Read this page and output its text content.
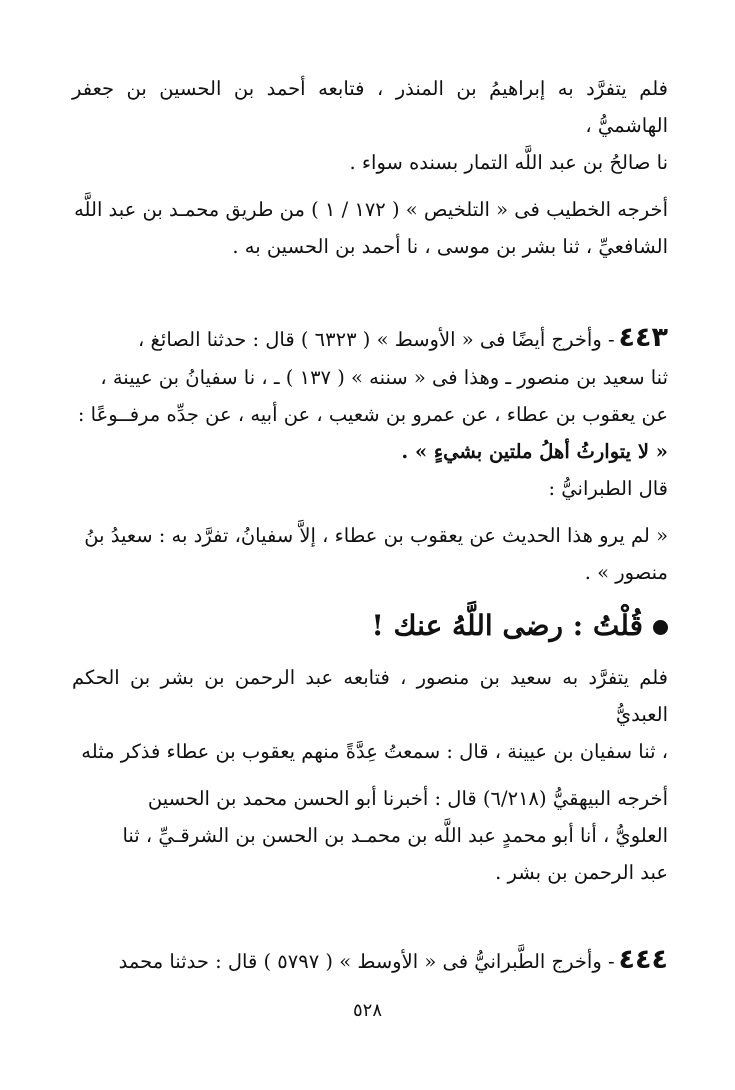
فلم يتفرَّد به إبراهيمُ بن المنذر ، فتابعه أحمد بن الحسين بن جعفر الهاشميُّ ،

نا صالحُ بن عبد اللَّه التمار بسنده سواء .

أخرجه الخطيب فى « التلخيص » ( ١٧٢ / ١ ) من طريق محمـد بن عبد اللَّه

الشافعيِّ ، ثنا بشر بن موسى ، نا أحمد بن الحسين به .

٤٤٣- وأخرج أيضًا فى « الأوسط » ( ٦٣٢٣ ) قال : حدثنا الصائغ ،

ثنا سعيد بن منصور ـ وهذا فى « سننه » ( ١٣٧ ) ـ ، نا سفيانُ بن عيينة ،

عن يعقوب بن عطاء ، عن عمرو بن شعيب ، عن أبيه ، عن جدِّه مرفــوعًا :

« لا يتوارثُ أهلُ ملتين بشيءٍ » .

قال الطبرانيُّ :

« لم يرو هذا الحديث عن يعقوب بن عطاء ، إلاَّ سفيانُ، تفرَّد به : سعيدُ بنُ

منصور » .

قُلْتُ : رضى اللَّهُ عنك !

فلم يتفرَّد به سعيد بن منصور ، فتابعه عبد الرحمن بن بشر بن الحكم العبديُّ

، ثنا سفيان بن عيينة ، قال : سمعتُ عِدَّةً منهم يعقوب بن عطاء فذكر مثله

أخرجه البيهقيُّ (٦/٢١٨) قال : أخبرنا أبو الحسن محمد بن الحسين

العلويُّ ، أنا أبو محمدٍ عبد اللَّه بن محمـد بن الحسن بن الشرقـيِّ ، ثنا

عبد الرحمن بن بشر .

٤٤٤- وأخرج الطَّبرانيُّ فى « الأوسط » ( ٥٧٩٧ ) قال : حدثنا محمد

٥٢٨
